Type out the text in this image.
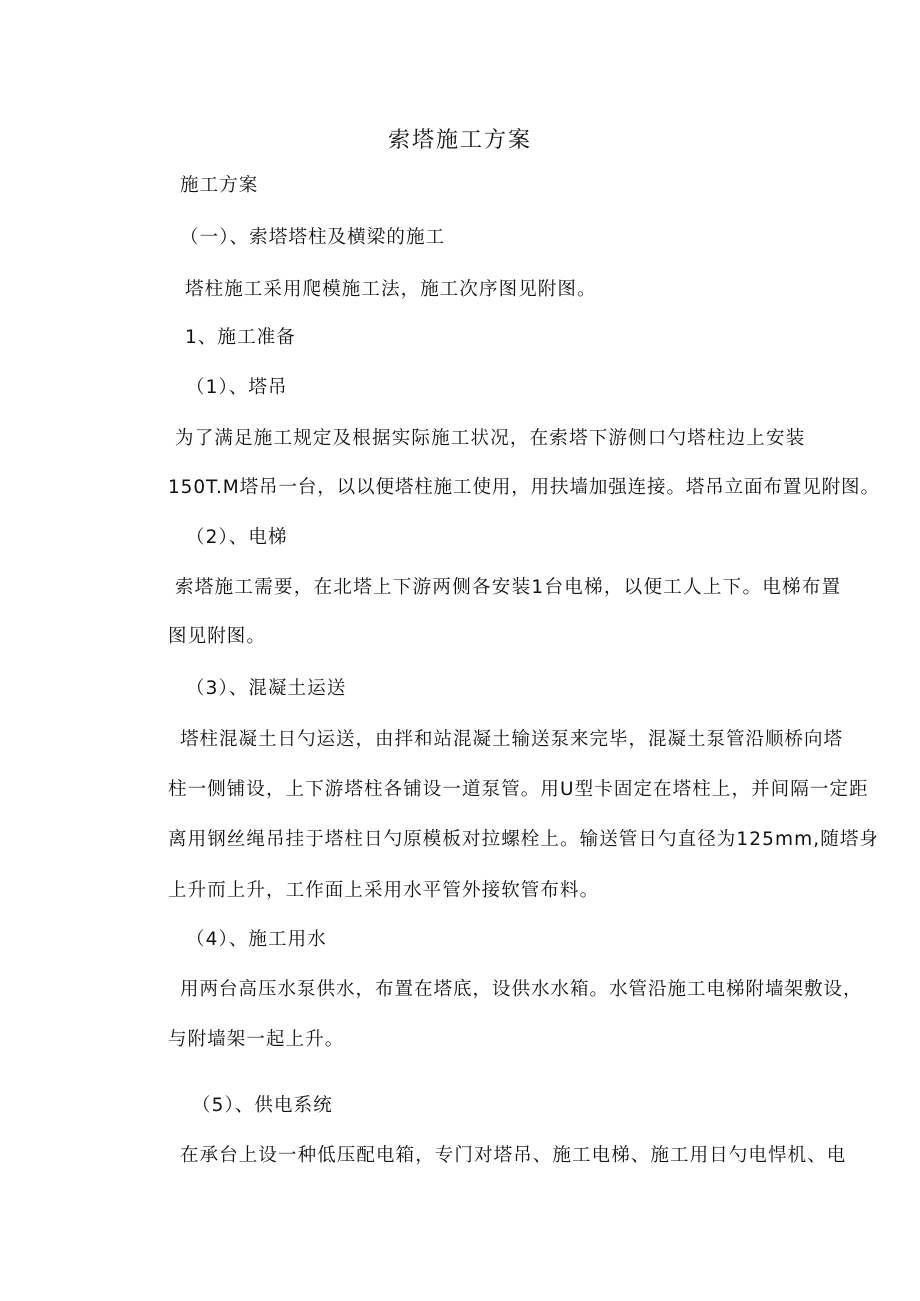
索塔施工方案
施工方案
（一）、索塔塔柱及横梁的施工
塔柱施工采用爬模施工法，施工次序图见附图。
1、施工准备
（1）、塔吊
为了满足施工规定及根据实际施工状况，在索塔下游侧口勺塔柱边上安装
150T.M塔吊一台，以以便塔柱施工使用，用扶墙加强连接。塔吊立面布置见附图。
（2）、电梯
索塔施工需要，在北塔上下游两侧各安装1台电梯，以便工人上下。电梯布置
图见附图。
（3）、混凝土运送
塔柱混凝土日勺运送，由拌和站混凝土输送泵来完毕，混凝土泵管沿顺桥向塔
柱一侧铺设，上下游塔柱各铺设一道泵管。用U型卡固定在塔柱上，并间隔一定距
离用钢丝绳吊挂于塔柱日勺原模板对拉螺栓上。输送管日勺直径为125mm,随塔身
上升而上升，工作面上采用水平管外接软管布料。
（4）、施工用水
用两台高压水泵供水，布置在塔底，设供水水箱。水管沿施工电梯附墙架敷设，
与附墙架一起上升。
（5）、供电系统
在承台上设一种低压配电箱，专门对塔吊、施工电梯、施工用日勺电悍机、电
